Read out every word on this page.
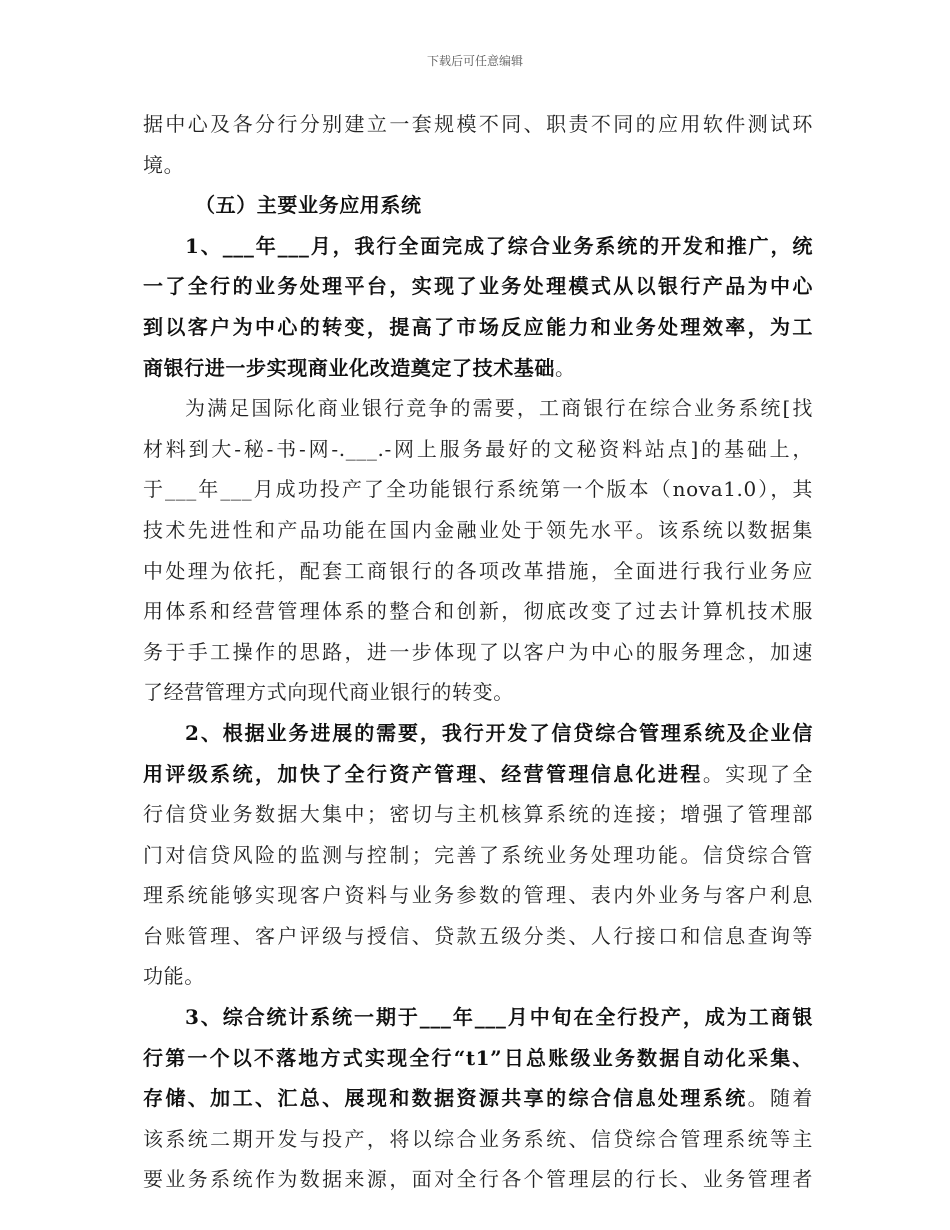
下载后可任意编辑
据中心及各分行分别建立一套规模不同、职责不同的应用软件测试环
境。
（五）主要业务应用系统
1、___年___月，我行全面完成了综合业务系统的开发和推广，统
一了全行的业务处理平台，实现了业务处理模式从以银行产品为中心
到以客户为中心的转变，提高了市场反应能力和业务处理效率，为工
商银行进一步实现商业化改造奠定了技术基础。
为满足国际化商业银行竞争的需要，工商银行在综合业务系统[找
材料到大-秘-书-网-.___.-网上服务最好的文秘资料站点]的基础上，
于___年___月成功投产了全功能银行系统第一个版本（nova1.0），其
技术先进性和产品功能在国内金融业处于领先水平。该系统以数据集
中处理为依托，配套工商银行的各项改革措施，全面进行我行业务应
用体系和经营管理体系的整合和创新，彻底改变了过去计算机技术服
务于手工操作的思路，进一步体现了以客户为中心的服务理念，加速
了经营管理方式向现代商业银行的转变。
2、根据业务进展的需要，我行开发了信贷综合管理系统及企业信
用评级系统，加快了全行资产管理、经营管理信息化进程。实现了全
行信贷业务数据大集中；密切与主机核算系统的连接；增强了管理部
门对信贷风险的监测与控制；完善了系统业务处理功能。信贷综合管
理系统能够实现客户资料与业务参数的管理、表内外业务与客户利息
台账管理、客户评级与授信、贷款五级分类、人行接口和信息查询等
功能。
3、综合统计系统一期于___年___月中旬在全行投产，成为工商银
行第一个以不落地方式实现全行“t1”日总账级业务数据自动化采集、
存储、加工、汇总、展现和数据资源共享的综合信息处理系统。随着
该系统二期开发与投产，将以综合业务系统、信贷综合管理系统等主
要业务系统作为数据来源，面对全行各个管理层的行长、业务管理者
